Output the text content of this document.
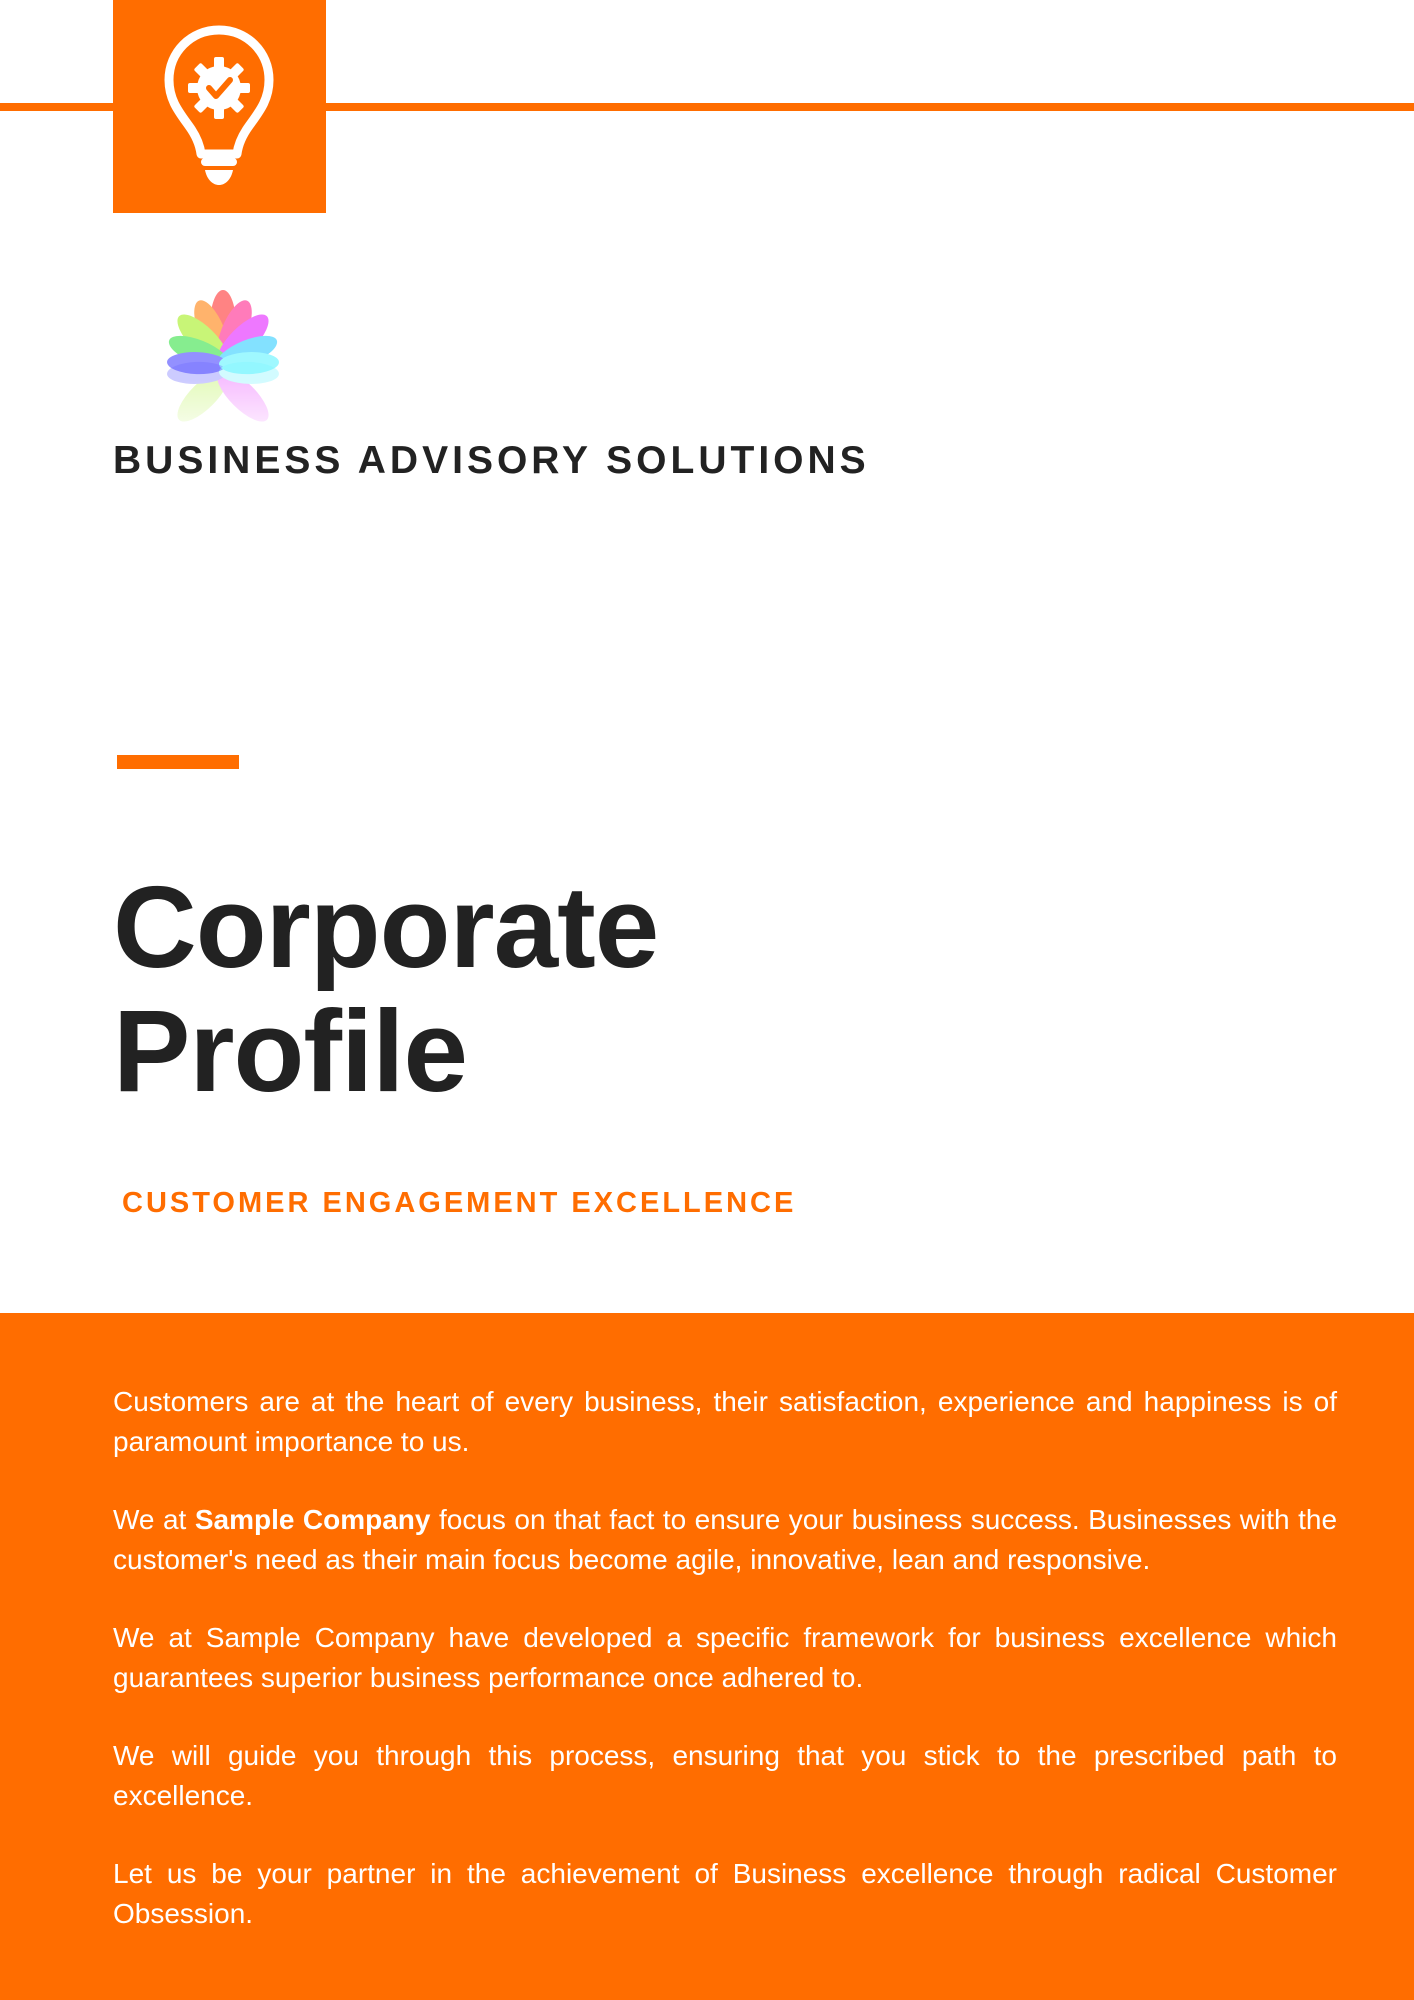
BUSINESS ADVISORY SOLUTIONS
Corporate
Profile
CUSTOMER ENGAGEMENT EXCELLENCE

Customers are at the heart of every business, their satisfaction, experience and happiness is of paramount importance to us.

We at Sample Company focus on that fact to ensure your business success. Businesses with the customer's need as their main focus become agile, innovative, lean and responsive.

We at Sample Company have developed a specific framework for business excellence which guarantees superior business performance once adhered to.

We will guide you through this process, ensuring that you stick to the prescribed path to excellence.

Let us be your partner in the achievement of Business excellence through radical Customer Obsession.
